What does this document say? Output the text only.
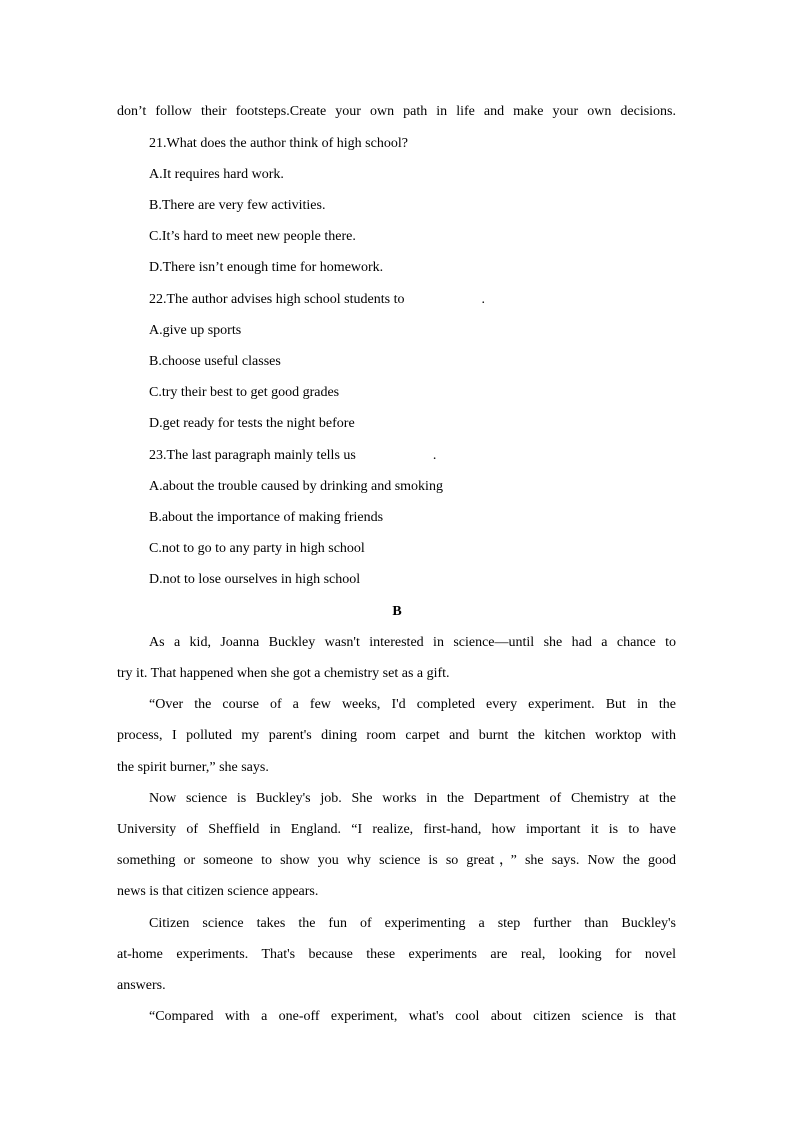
don’t follow their footsteps.Create your own path in life and make your own decisions.
21.What does the author think of high school?
A.It requires hard work.
B.There are very few activities.
C.It’s hard to meet new people there.
D.There isn’t enough time for homework.
22.The author advises high school students to	.
A.give up sports
B.choose useful classes
C.try their best to get good grades
D.get ready for tests the night before
23.The last paragraph mainly tells us	.
A.about the trouble caused by drinking and smoking
B.about the importance of making friends
C.not to go to any party in high school
D.not to lose ourselves in high school
B
As a kid, Joanna Buckley wasn't interested in science—until she had a chance to
try it. That happened when she got a chemistry set as a gift.
“Over the course of a few weeks, I'd completed every experiment. But in the
process, I polluted my parent's dining room carpet and burnt the kitchen worktop with
the spirit burner,” she says.
Now science is Buckley's job. She works in the Department of Chemistry at the
University of Sheffield in England. “I realize, first-hand, how important it is to have
something or someone to show you why science is so great，” she says. Now the good
news is that citizen science appears.
Citizen science takes the fun of experimenting a step further than Buckley's
at-home experiments. That's because these experiments are real, looking for novel
answers.
“Compared with a one-off experiment, what's cool about citizen science is that
